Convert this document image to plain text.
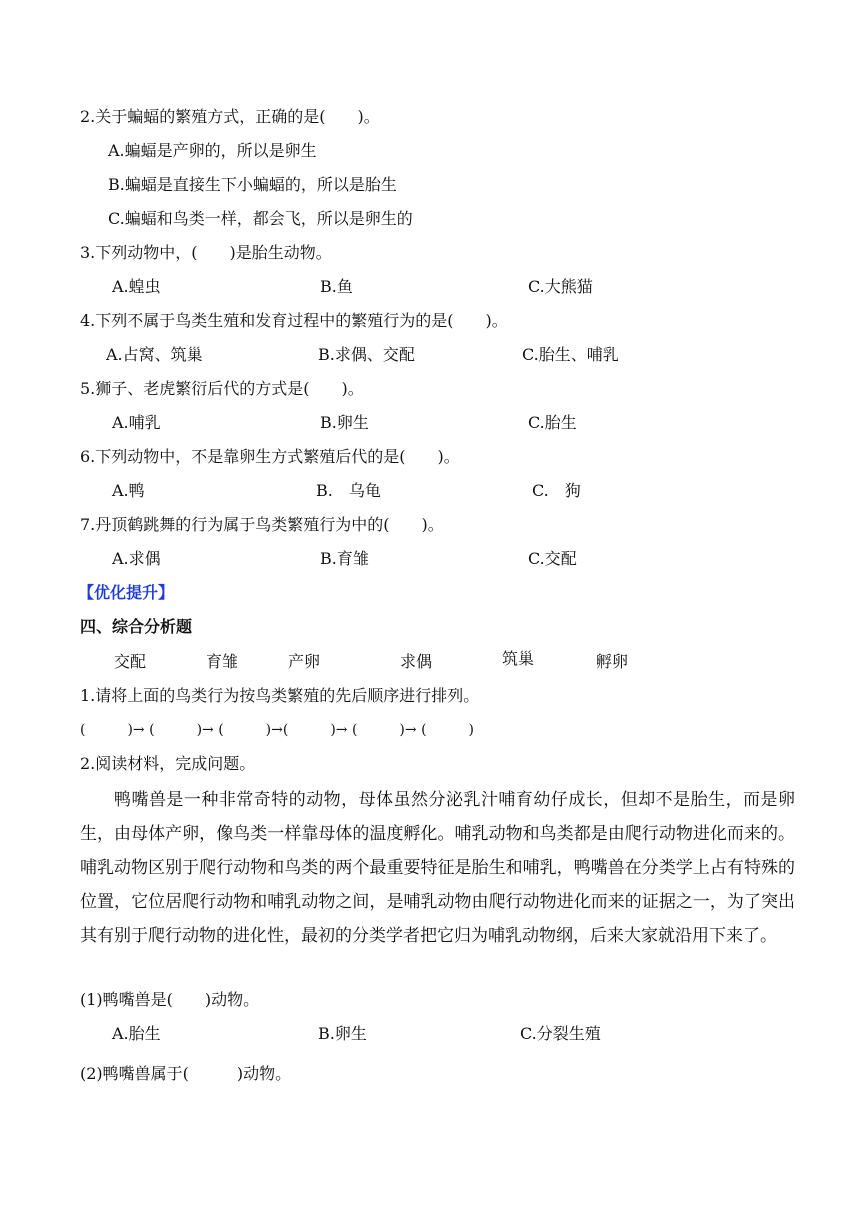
2.关于蝙蝠的繁殖方式，正确的是(　　)。
A.蝙蝠是产卵的，所以是卵生
B.蝙蝠是直接生下小蝙蝠的，所以是胎生
C.蝙蝠和鸟类一样，都会飞，所以是卵生的
3.下列动物中，(　　)是胎生动物。
A.蝗虫	B.鱼	C.大熊猫
4.下列不属于鸟类生殖和发育过程中的繁殖行为的是(　　)。
A.占窝、筑巢	B.求偶、交配	C.胎生、哺乳
5.狮子、老虎繁衍后代的方式是(　　)。
A.哺乳	B.卵生	C.胎生
6.下列动物中，不是靠卵生方式繁殖后代的是(　　)。
A.鸭	B.　乌龟	C.　狗
7.丹顶鹤跳舞的行为属于鸟类繁殖行为中的(　　)。
A.求偶	B.育雏	C.交配
【优化提升】
四、综合分析题
交配	育雏	产卵	求偶	筑巢	孵卵
1.请将上面的鸟类行为按鸟类繁殖的先后顺序进行排列。
(　　　)→ (　　　)→ (　　　)→(　　　)→ (　　　)→ (　　　)
2.阅读材料，完成问题。

鸭嘴兽是一种非常奇特的动物，母体虽然分泌乳汁哺育幼仔成长，但却不是胎生，而是卵生，由母体产卵，像鸟类一样靠母体的温度孵化。哺乳动物和鸟类都是由爬行动物进化而来的。哺乳动物区别于爬行动物和鸟类的两个最重要特征是胎生和哺乳，鸭嘴兽在分类学上占有特殊的位置，它位居爬行动物和哺乳动物之间，是哺乳动物由爬行动物进化而来的证据之一，为了突出其有别于爬行动物的进化性，最初的分类学者把它归为哺乳动物纲，后来大家就沿用下来了。

(1)鸭嘴兽是(　　)动物。
A.胎生	B.卵生	C.分裂生殖
(2)鸭嘴兽属于(　　　)动物。
